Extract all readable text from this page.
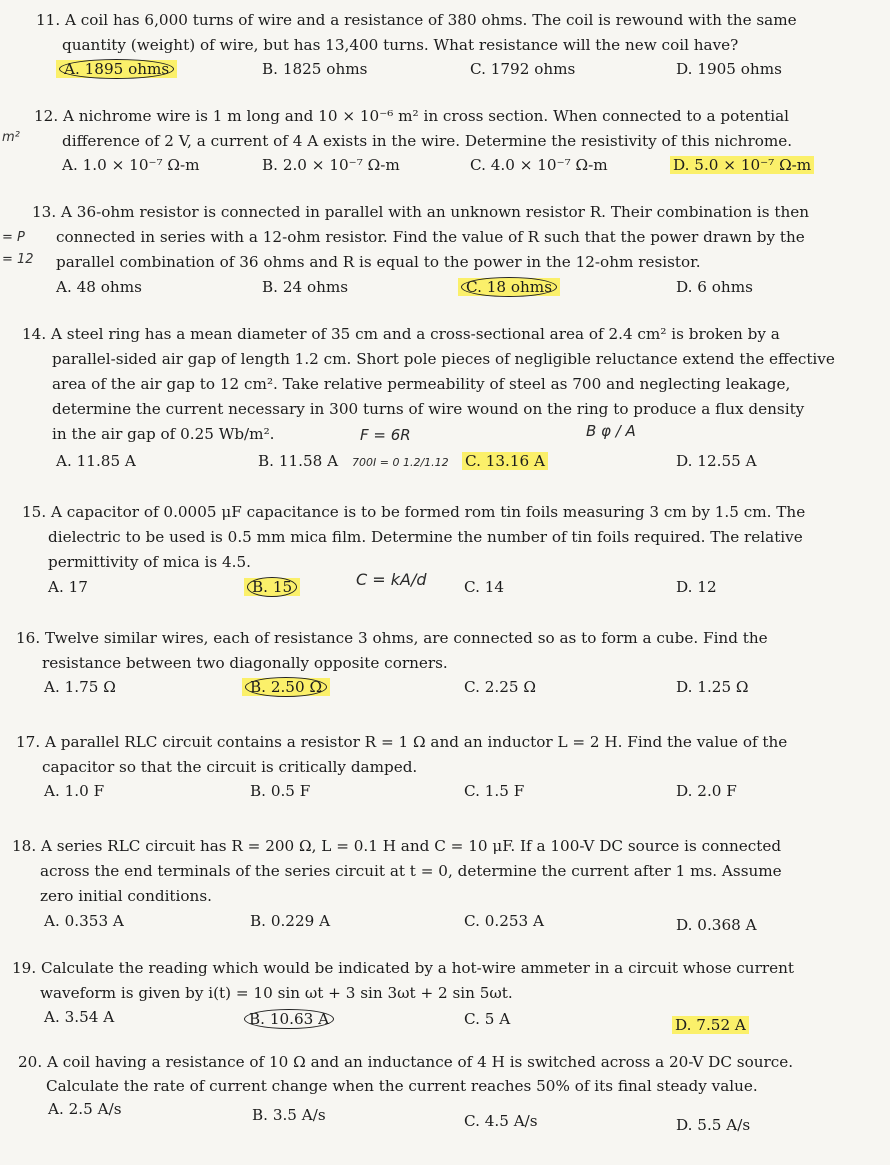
11. A coil has 6,000 turns of wire and a resistance of 380 ohms. The coil is rewound with the same
quantity (weight) of wire, but has 13,400 turns. What resistance will the new coil have?
A. 1895 ohms	B. 1825 ohms	C. 1792 ohms	D. 1905 ohms
m²
12. A nichrome wire is 1 m long and 10 × 10⁻⁶ m² in cross section. When connected to a potential
difference of 2 V, a current of 4 A exists in the wire. Determine the resistivity of this nichrome.
A. 1.0 × 10⁻⁷ Ω-m	B. 2.0 × 10⁻⁷ Ω-m	C. 4.0 × 10⁻⁷ Ω-m	D. 5.0 × 10⁻⁷ Ω-m
= P
= 12
13. A 36-ohm resistor is connected in parallel with an unknown resistor R. Their combination is then
connected in series with a 12-ohm resistor. Find the value of R such that the power drawn by the
parallel combination of 36 ohms and R is equal to the power in the 12-ohm resistor.
A. 48 ohms	B. 24 ohms	C. 18 ohms	D. 6 ohms
14. A steel ring has a mean diameter of 35 cm and a cross-sectional area of 2.4 cm² is broken by a
parallel-sided air gap of length 1.2 cm. Short pole pieces of negligible reluctance extend the effective
area of the air gap to 12 cm². Take relative permeability of steel as 700 and neglecting leakage,
determine the current necessary in 300 turns of wire wound on the ring to produce a flux density
in the air gap of 0.25 Wb/m².	F = 6R	B φ / A
A. 11.85 A	B. 11.58 A 700I = 0 1.2/1.12 C. 13.16 A	D. 12.55 A
15. A capacitor of 0.0005 μF capacitance is to be formed rom tin foils measuring 3 cm by 1.5 cm. The
dielectric to be used is 0.5 mm mica film. Determine the number of tin foils required. The relative
permittivity of mica is 4.5.
A. 17	B. 15	C = kA/d C. 14	D. 12
16. Twelve similar wires, each of resistance 3 ohms, are connected so as to form a cube. Find the
resistance between two diagonally opposite corners.
A. 1.75 Ω	B. 2.50 Ω	C. 2.25 Ω	D. 1.25 Ω
17. A parallel RLC circuit contains a resistor R = 1 Ω and an inductor L = 2 H. Find the value of the
capacitor so that the circuit is critically damped.
A. 1.0 F	B. 0.5 F	C. 1.5 F	D. 2.0 F
18. A series RLC circuit has R = 200 Ω, L = 0.1 H and C = 10 μF. If a 100-V DC source is connected
across the end terminals of the series circuit at t = 0, determine the current after 1 ms. Assume
zero initial conditions.
A. 0.353 A	B. 0.229 A	C. 0.253 A	D. 0.368 A
19. Calculate the reading which would be indicated by a hot-wire ammeter in a circuit whose current
waveform is given by i(t) = 10 sin ωt + 3 sin 3ωt + 2 sin 5ωt.
A. 3.54 A	B. 10.63 A	C. 5 A	D. 7.52 A
20. A coil having a resistance of 10 Ω and an inductance of 4 H is switched across a 20-V DC source.
Calculate the rate of current change when the current reaches 50% of its final steady value.
A. 2.5 A/s	B. 3.5 A/s	C. 4.5 A/s	D. 5.5 A/s
